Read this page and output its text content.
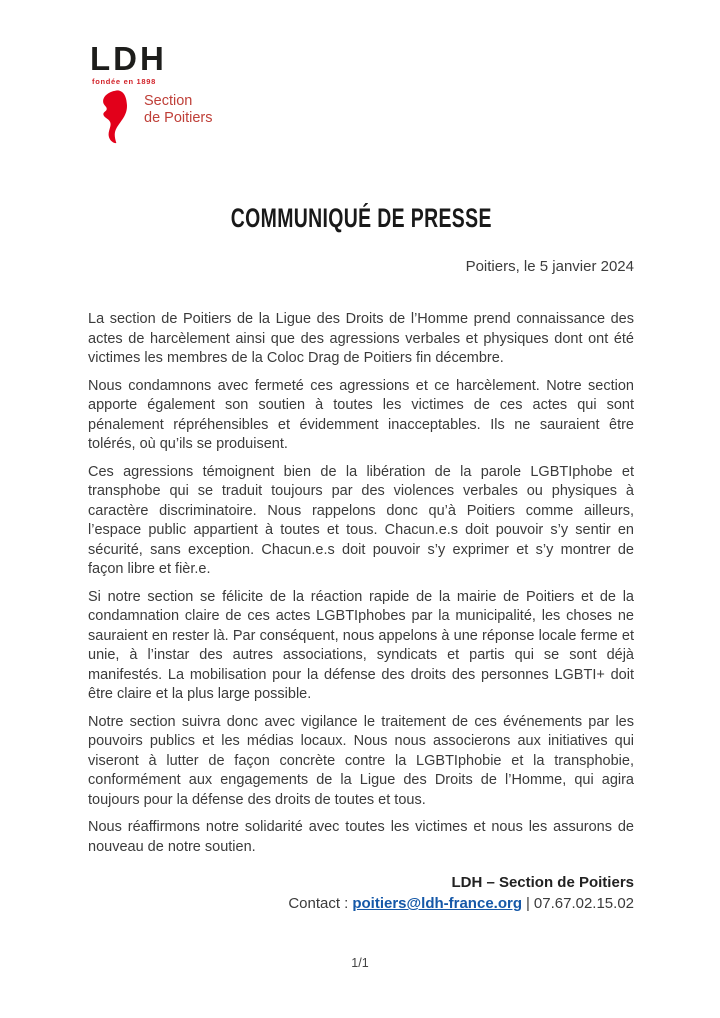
LDH
fondée en 1898
Section
de Poitiers
COMMUNIQUÉ DE PRESSE
Poitiers, le 5 janvier 2024

La section de Poitiers de la Ligue des Droits de l’Homme prend connaissance des actes de harcèlement ainsi que des agressions verbales et physiques dont ont été victimes les membres de la Coloc Drag de Poitiers fin décembre.

Nous condamnons avec fermeté ces agressions et ce harcèlement. Notre section apporte également son soutien à toutes les victimes de ces actes qui sont pénalement répréhensibles et évidemment inacceptables. Ils ne sauraient être tolérés, où qu’ils se produisent.

Ces agressions témoignent bien de la libération de la parole LGBTIphobe et transphobe qui se traduit toujours par des violences verbales ou physiques à caractère discriminatoire. Nous rappelons donc qu’à Poitiers comme ailleurs, l’espace public appartient à toutes et tous. Chacun.e.s doit pouvoir s’y sentir en sécurité, sans exception. Chacun.e.s doit pouvoir s’y exprimer et s’y montrer de façon libre et fièr.e.

Si notre section se félicite de la réaction rapide de la mairie de Poitiers et de la condamnation claire de ces actes LGBTIphobes par la municipalité, les choses ne sauraient en rester là. Par conséquent, nous appelons à une réponse locale ferme et unie, à l’instar des autres associations, syndicats et partis qui se sont déjà manifestés. La mobilisation pour la défense des droits des personnes LGBTI+ doit être claire et la plus large possible.

Notre section suivra donc avec vigilance le traitement de ces événements par les pouvoirs publics et les médias locaux. Nous nous associerons aux initiatives qui viseront à lutter de façon concrète contre la LGBTIphobie et la transphobie, conformément aux engagements de la Ligue des Droits de l’Homme, qui agira toujours pour la défense des droits de toutes et tous.

Nous réaffirmons notre solidarité avec toutes les victimes et nous les assurons de nouveau de notre soutien.

LDH – Section de Poitiers
Contact : poitiers@ldh-france.org | 07.67.02.15.02
1/1
